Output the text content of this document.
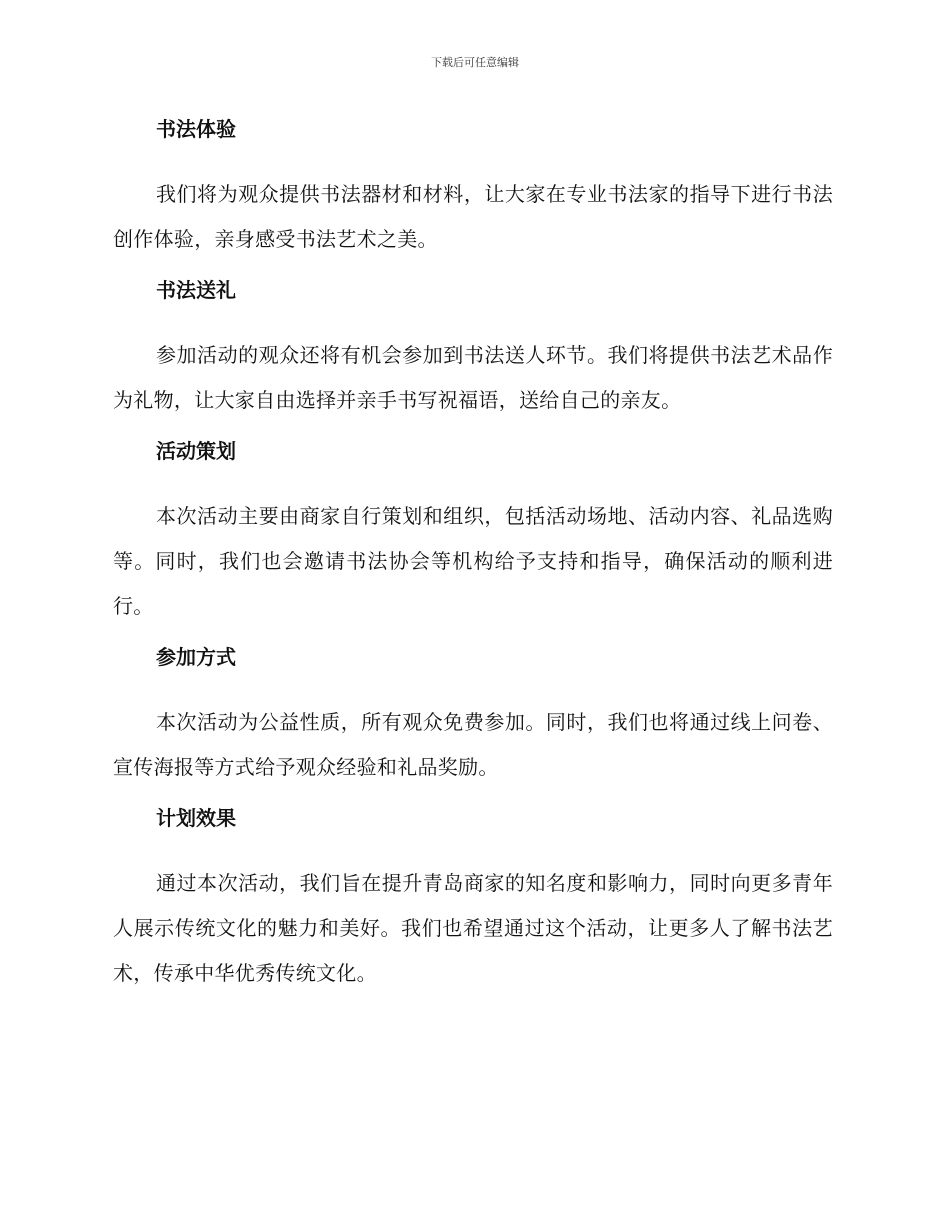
下载后可任意编辑
书法体验

我们将为观众提供书法器材和材料，让大家在专业书法家的指导下进行书法创作体验，亲身感受书法艺术之美。

书法送礼

参加活动的观众还将有机会参加到书法送人环节。我们将提供书法艺术品作为礼物，让大家自由选择并亲手书写祝福语，送给自己的亲友。

活动策划

本次活动主要由商家自行策划和组织，包括活动场地、活动内容、礼品选购等。同时，我们也会邀请书法协会等机构给予支持和指导，确保活动的顺利进行。

参加方式

本次活动为公益性质，所有观众免费参加。同时，我们也将通过线上问卷、宣传海报等方式给予观众经验和礼品奖励。

计划效果

通过本次活动，我们旨在提升青岛商家的知名度和影响力，同时向更多青年人展示传统文化的魅力和美好。我们也希望通过这个活动，让更多人了解书法艺术，传承中华优秀传统文化。
